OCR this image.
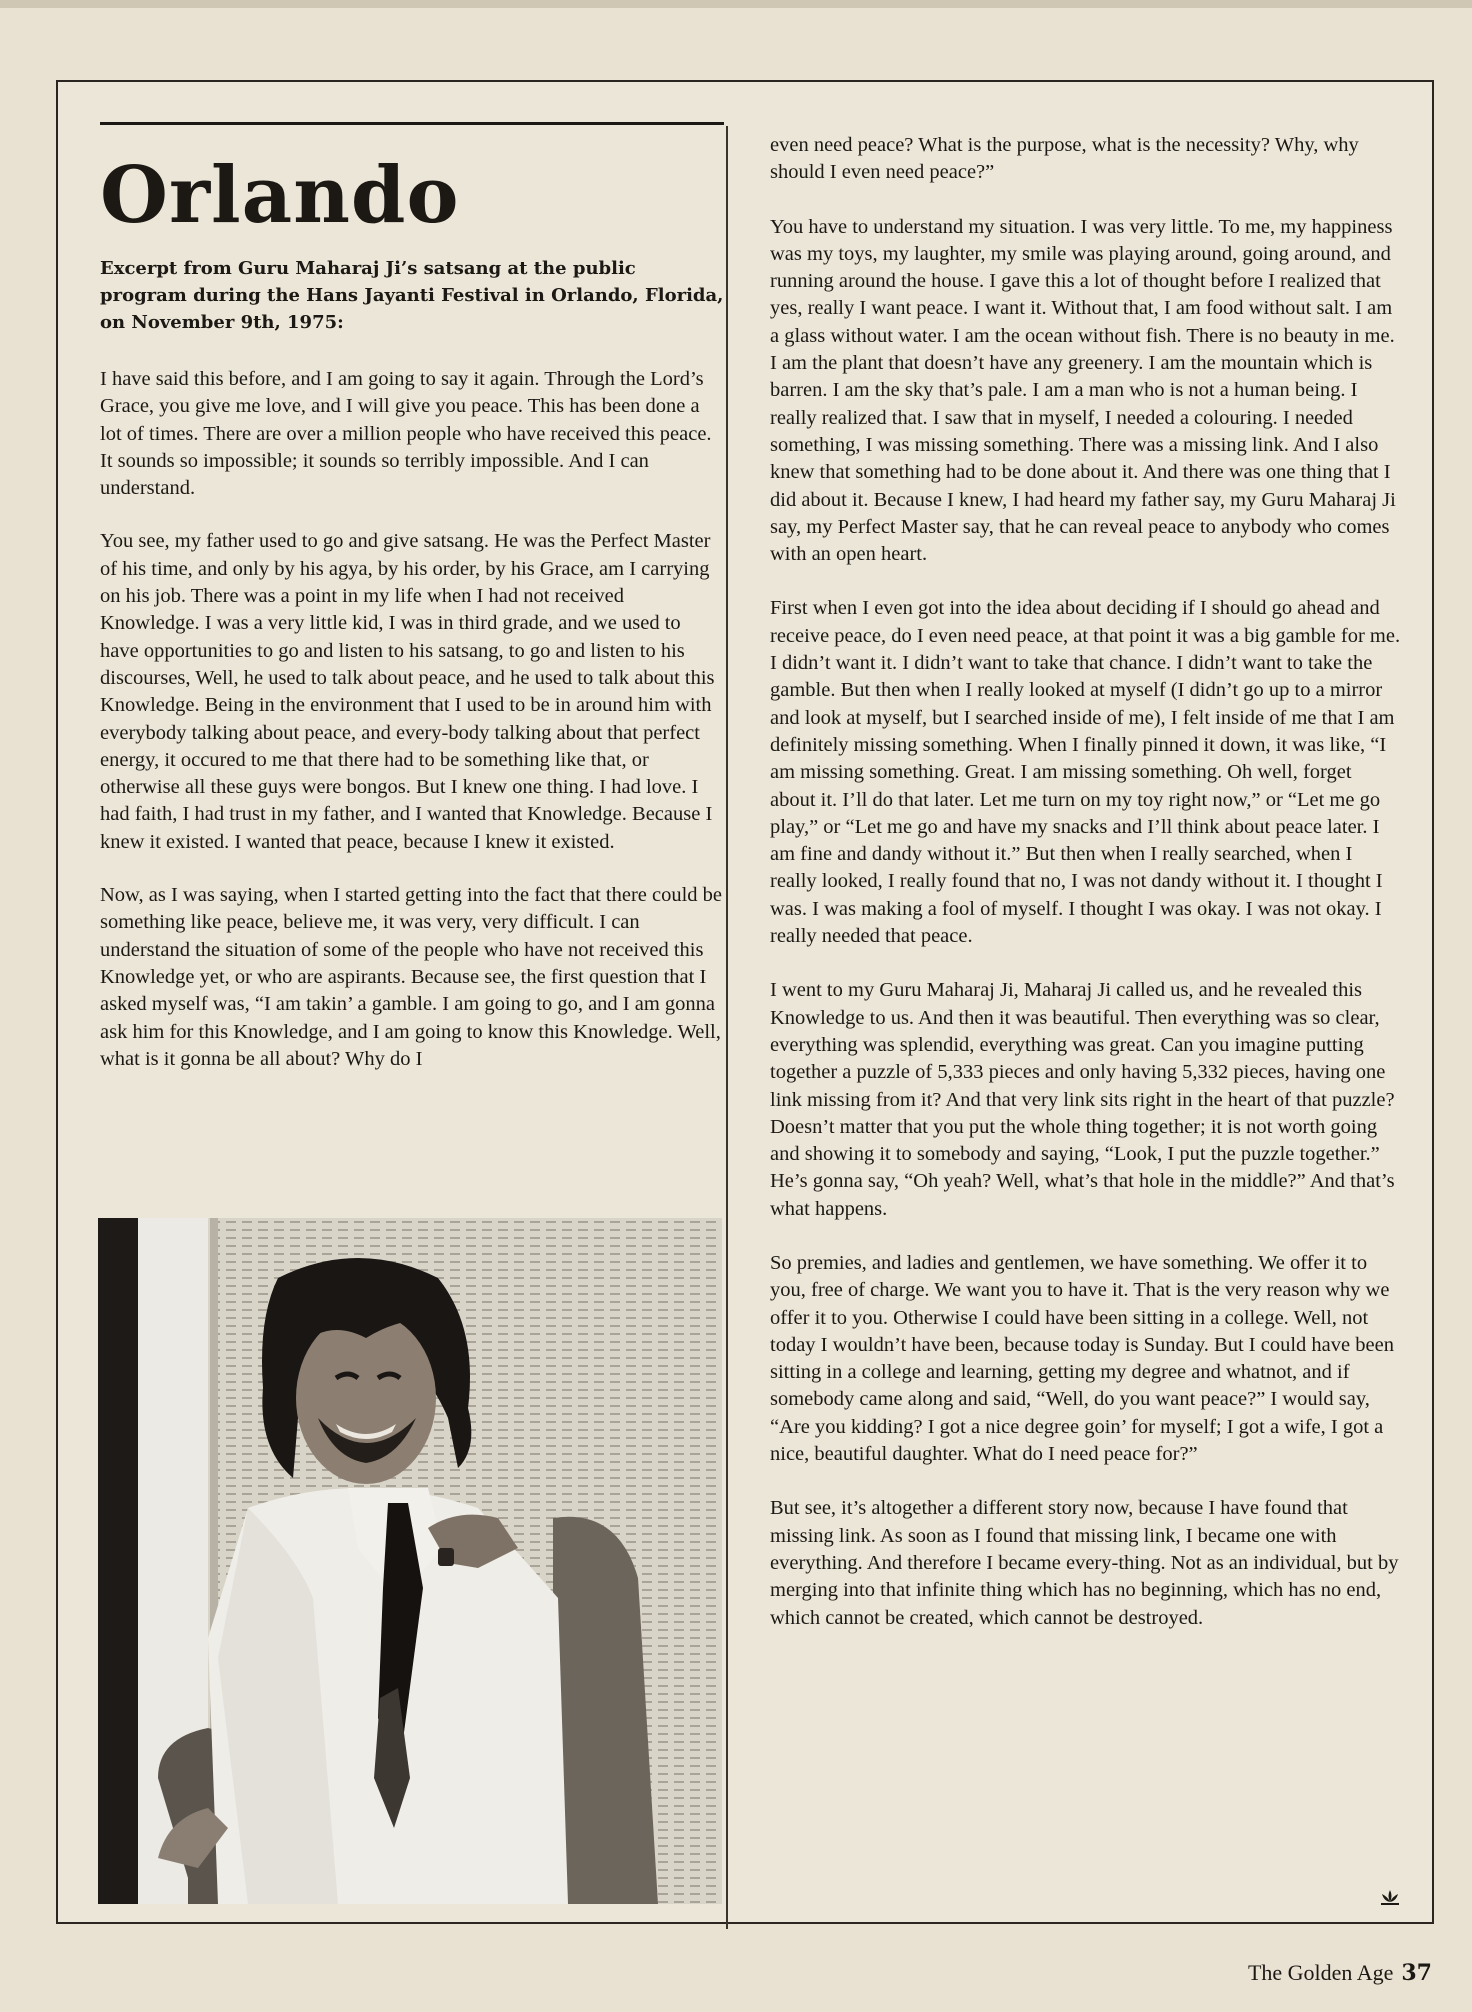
Orlando
Excerpt from Guru Maharaj Ji’s satsang at the public program during the Hans Jayanti Festival in Orlando, Florida, on November 9th, 1975:

I have said this before, and I am going to say it again. Through the Lord’s Grace, you give me love, and I will give you peace. This has been done a lot of times. There are over a million people who have received this peace. It sounds so impossible; it sounds so terribly impossible. And I can understand.

You see, my father used to go and give satsang. He was the Perfect Master of his time, and only by his agya, by his order, by his Grace, am I carrying on his job. There was a point in my life when I had not received Knowledge. I was a very little kid, I was in third grade, and we used to have opportunities to go and listen to his satsang, to go and listen to his discourses, Well, he used to talk about peace, and he used to talk about this Knowledge. Being in the environment that I used to be in around him with everybody talking about peace, and every-body talking about that perfect energy, it occured to me that there had to be something like that, or otherwise all these guys were bongos. But I knew one thing. I had love. I had faith, I had trust in my father, and I wanted that Knowledge. Because I knew it existed. I wanted that peace, because I knew it existed.

Now, as I was saying, when I started getting into the fact that there could be something like peace, believe me, it was very, very difficult. I can understand the situation of some of the people who have not received this Knowledge yet, or who are aspirants. Because see, the first question that I asked myself was, “I am takin’ a gamble. I am going to go, and I am gonna ask him for this Knowledge, and I am going to know this Knowledge. Well, what is it gonna be all about? Why do I

even need peace? What is the purpose, what is the necessity? Why, why should I even need peace?”

You have to understand my situation. I was very little. To me, my happiness was my toys, my laughter, my smile was playing around, going around, and running around the house. I gave this a lot of thought before I realized that yes, really I want peace. I want it. Without that, I am food without salt. I am a glass without water. I am the ocean without fish. There is no beauty in me. I am the plant that doesn’t have any greenery. I am the mountain which is barren. I am the sky that’s pale. I am a man who is not a human being. I really realized that. I saw that in myself, I needed a colouring. I needed something, I was missing something. There was a missing link. And I also knew that something had to be done about it. And there was one thing that I did about it. Because I knew, I had heard my father say, my Guru Maharaj Ji say, my Perfect Master say, that he can reveal peace to anybody who comes with an open heart.

First when I even got into the idea about deciding if I should go ahead and receive peace, do I even need peace, at that point it was a big gamble for me. I didn’t want it. I didn’t want to take that chance. I didn’t want to take the gamble. But then when I really looked at myself (I didn’t go up to a mirror and look at myself, but I searched inside of me), I felt inside of me that I am definitely missing something. When I finally pinned it down, it was like, “I am missing something. Great. I am missing something. Oh well, forget about it. I’ll do that later. Let me turn on my toy right now,” or “Let me go play,” or “Let me go and have my snacks and I’ll think about peace later. I am fine and dandy without it.” But then when I really searched, when I really looked, I really found that no, I was not dandy without it. I thought I was. I was making a fool of myself. I thought I was okay. I was not okay. I really needed that peace.

I went to my Guru Maharaj Ji, Maharaj Ji called us, and he revealed this Knowledge to us. And then it was beautiful. Then everything was so clear, everything was splendid, everything was great. Can you imagine putting together a puzzle of 5,333 pieces and only having 5,332 pieces, having one link missing from it? And that very link sits right in the heart of that puzzle? Doesn’t matter that you put the whole thing together; it is not worth going and showing it to somebody and saying, “Look, I put the puzzle together.” He’s gonna say, “Oh yeah? Well, what’s that hole in the middle?” And that’s what happens.

So premies, and ladies and gentlemen, we have something. We offer it to you, free of charge. We want you to have it. That is the very reason why we offer it to you. Otherwise I could have been sitting in a college. Well, not today I wouldn’t have been, because today is Sunday. But I could have been sitting in a college and learning, getting my degree and whatnot, and if somebody came along and said, “Well, do you want peace?” I would say, “Are you kidding? I got a nice degree goin’ for myself; I got a wife, I got a nice, beautiful daughter. What do I need peace for?”

But see, it’s altogether a different story now, because I have found that missing link. As soon as I found that missing link, I became one with everything. And therefore I became every-thing. Not as an individual, but by merging into that infinite thing which has no beginning, which has no end, which cannot be created, which cannot be destroyed.

The Golden Age 37
